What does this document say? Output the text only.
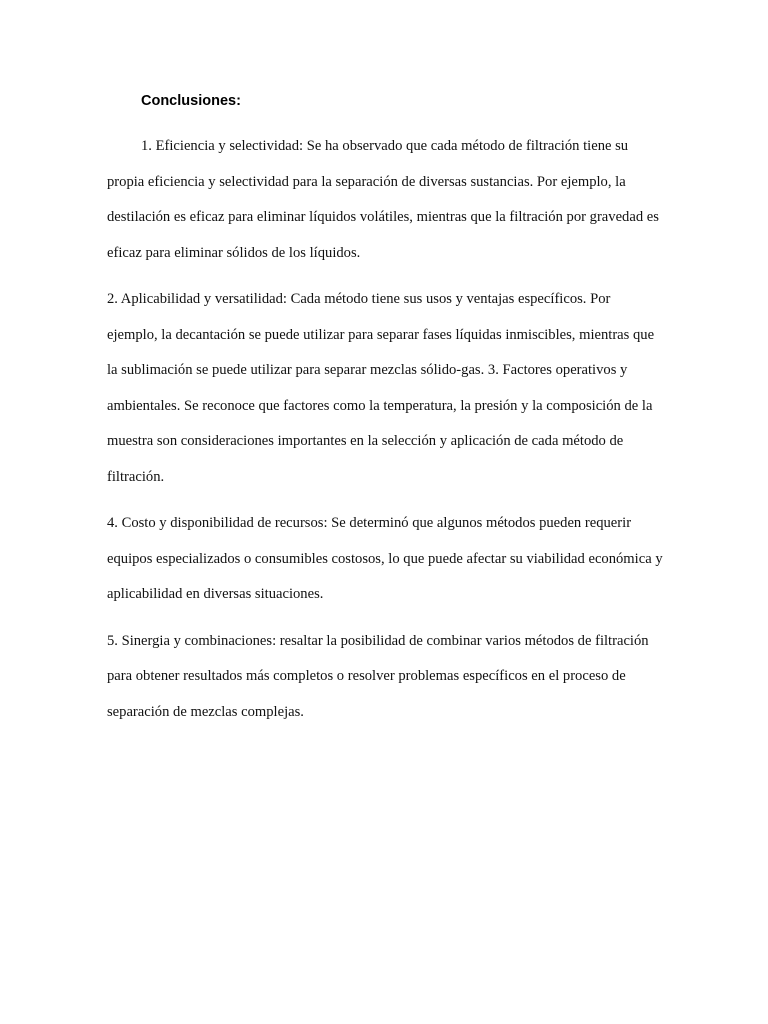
Conclusiones:

1. Eficiencia y selectividad: Se ha observado que cada método de filtración tiene su propia eficiencia y selectividad para la separación de diversas sustancias. Por ejemplo, la destilación es eficaz para eliminar líquidos volátiles, mientras que la filtración por gravedad es eficaz para eliminar sólidos de los líquidos.

2. Aplicabilidad y versatilidad: Cada método tiene sus usos y ventajas específicos. Por ejemplo, la decantación se puede utilizar para separar fases líquidas inmiscibles, mientras que la sublimación se puede utilizar para separar mezclas sólido-gas. 3. Factores operativos y ambientales. Se reconoce que factores como la temperatura, la presión y la composición de la muestra son consideraciones importantes en la selección y aplicación de cada método de filtración.

4. Costo y disponibilidad de recursos: Se determinó que algunos métodos pueden requerir equipos especializados o consumibles costosos, lo que puede afectar su viabilidad económica y aplicabilidad en diversas situaciones.

5. Sinergia y combinaciones: resaltar la posibilidad de combinar varios métodos de filtración para obtener resultados más completos o resolver problemas específicos en el proceso de separación de mezclas complejas.
